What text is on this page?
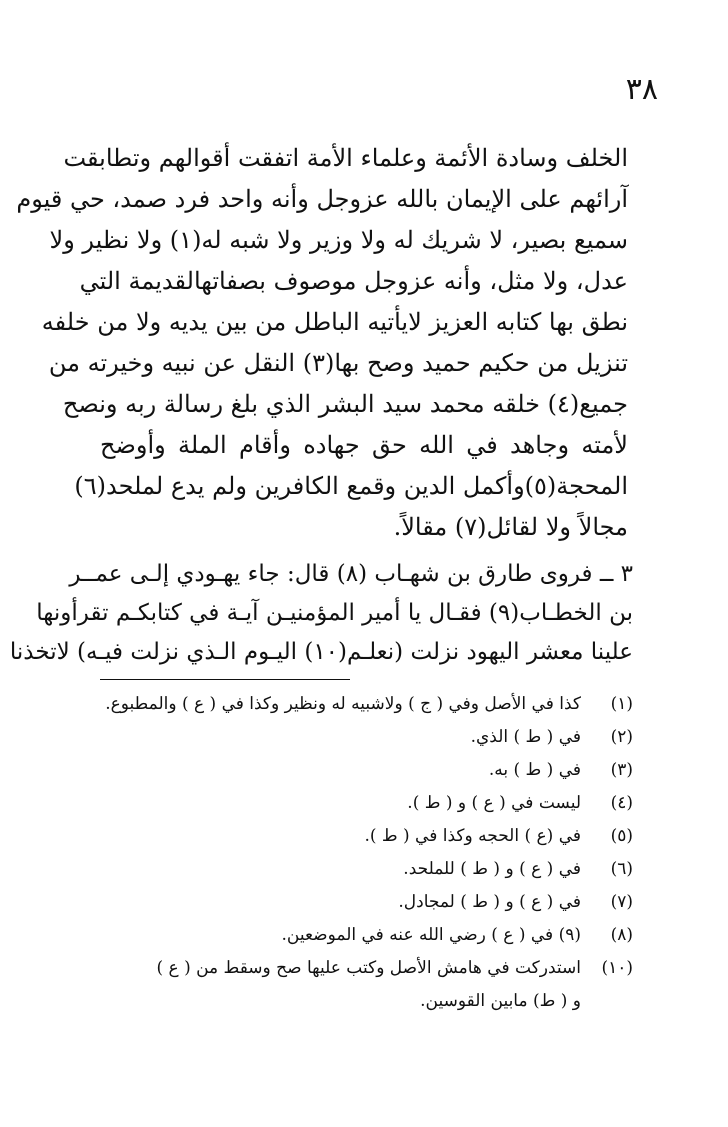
٣٨
الخلف وسادة الأئمة وعلماء الأمة اتفقت أقوالهم وتطابقت
آرائهم على الإيمان بالله عزوجل وأنه واحد فرد صمد، حي قيوم
سميع بصير، لا شريك له ولا وزير ولا شبه له(١) ولا نظير ولا
عدل، ولا مثل، وأنه عزوجل موصوف بصفاتهالقديمة التي
نطق بها كتابه العزيز لايأتيه الباطل من بين يديه ولا من خلفه
تنزيل من حكيم حميد وصح بها(٣) النقل عن نبيه وخيرته من
جميع(٤) خلقه محمد سيد البشر الذي بلغ رسالة ربه ونصح
لأمته وجاهد في الله حق جهاده وأقام الملة وأوضح
المحجة(٥)وأكمل الدين وقمع الكافرين ولم يدع لملحد(٦)
مجالاً ولا لقائل(٧) مقالاً.
٣ ــ فروى طارق بن شهـاب (٨) قال: جاء يهـودي إلـى عمــر
بن الخطـاب(٩) فقـال يا أمير المؤمنيـن آيـة في كتابكـم تقرأونها
علينا معشر اليهود نزلت (نعلـم(١٠) اليـوم الـذي نزلت فيـه) لاتخذنا
(١)
كذا في الأصل وفي ( ج ) ولاشبيه له ونظير وكذا في ( ع ) والمطبوع.
(٢)
في ( ط ) الذي.
(٣)
في ( ط ) به.
(٤)
ليست في ( ع ) و ( ط ).
(٥)
في (ع ) الحجه وكذا في ( ط ).
(٦)
في ( ع ) و ( ط ) للملحد.
(٧)
في ( ع ) و ( ط ) لمجادل.
(٨)
(٩) في ( ع ) رضي الله عنه في الموضعين.
(١٠)
استدركت في هامش الأصل وكتب عليها صح وسقط من ( ع )
و ( ط) مابين القوسين.
